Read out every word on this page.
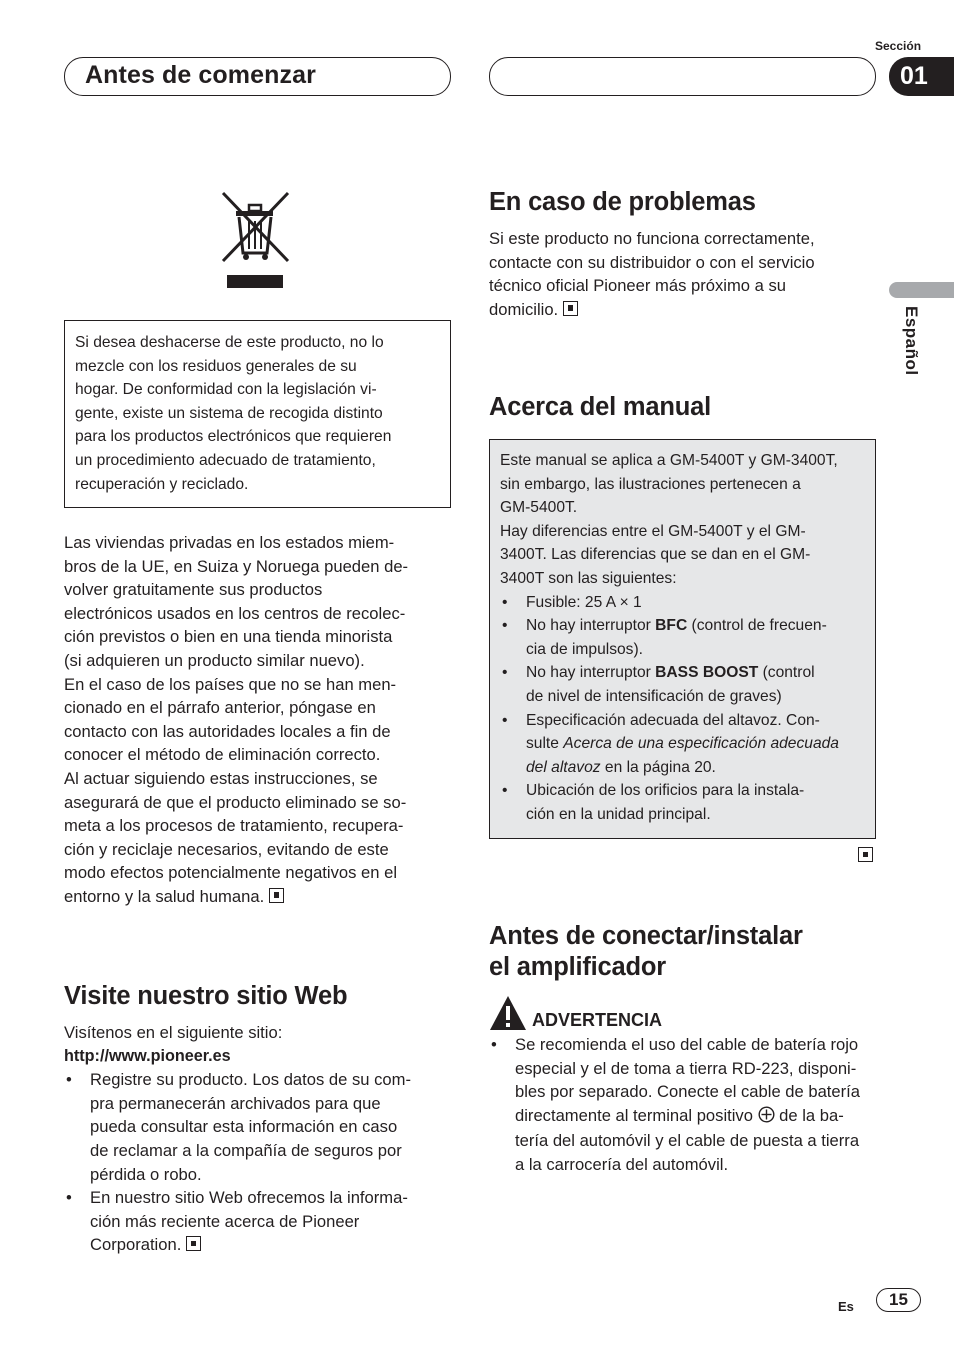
Antes de comenzar
Sección
01
Español
Si desea deshacerse de este producto, no lo
mezcle con los residuos generales de su
hogar. De conformidad con la legislación vi-
gente, existe un sistema de recogida distinto
para los productos electrónicos que requieren
un procedimiento adecuado de tratamiento,
recuperación y reciclado.
Las viviendas privadas en los estados miem-
bros de la UE, en Suiza y Noruega pueden de-
volver gratuitamente sus productos
electrónicos usados en los centros de recolec-
ción previstos o bien en una tienda minorista
(si adquieren un producto similar nuevo).
En el caso de los países que no se han men-
cionado en el párrafo anterior, póngase en
contacto con las autoridades locales a fin de
conocer el método de eliminación correcto.
Al actuar siguiendo estas instrucciones, se
asegurará de que el producto eliminado se so-
meta a los procesos de tratamiento, recupera-
ción y reciclaje necesarios, evitando de este
modo efectos potencialmente negativos en el
entorno y la salud humana.
Visite nuestro sitio Web
Visítenos en el siguiente sitio:
http://www.pioneer.es
• Registre su producto. Los datos de su com-
pra permanecerán archivados para que
pueda consultar esta información en caso
de reclamar a la compañía de seguros por
pérdida o robo.
• En nuestro sitio Web ofrecemos la informa-
ción más reciente acerca de Pioneer
Corporation.
En caso de problemas
Si este producto no funciona correctamente,
contacte con su distribuidor o con el servicio
técnico oficial Pioneer más próximo a su
domicilio.
Acerca del manual
Este manual se aplica a GM-5400T y GM-3400T,
sin embargo, las ilustraciones pertenecen a
GM-5400T.
Hay diferencias entre el GM-5400T y el GM-
3400T. Las diferencias que se dan en el GM-
3400T son las siguientes:
• Fusible: 25 A × 1
• No hay interruptor BFC (control de frecuen-
cia de impulsos).
• No hay interruptor BASS BOOST (control
de nivel de intensificación de graves)
• Especificación adecuada del altavoz. Con-
sulte Acerca de una especificación adecuada
del altavoz en la página 20.
• Ubicación de los orificios para la instala-
ción en la unidad principal.
Antes de conectar/instalar
el amplificador
ADVERTENCIA
• Se recomienda el uso del cable de batería rojo
especial y el de toma a tierra RD-223, disponi-
bles por separado. Conecte el cable de batería
directamente al terminal positivo  de la ba-
tería del automóvil y el cable de puesta a tierra
a la carrocería del automóvil.
Es	15
